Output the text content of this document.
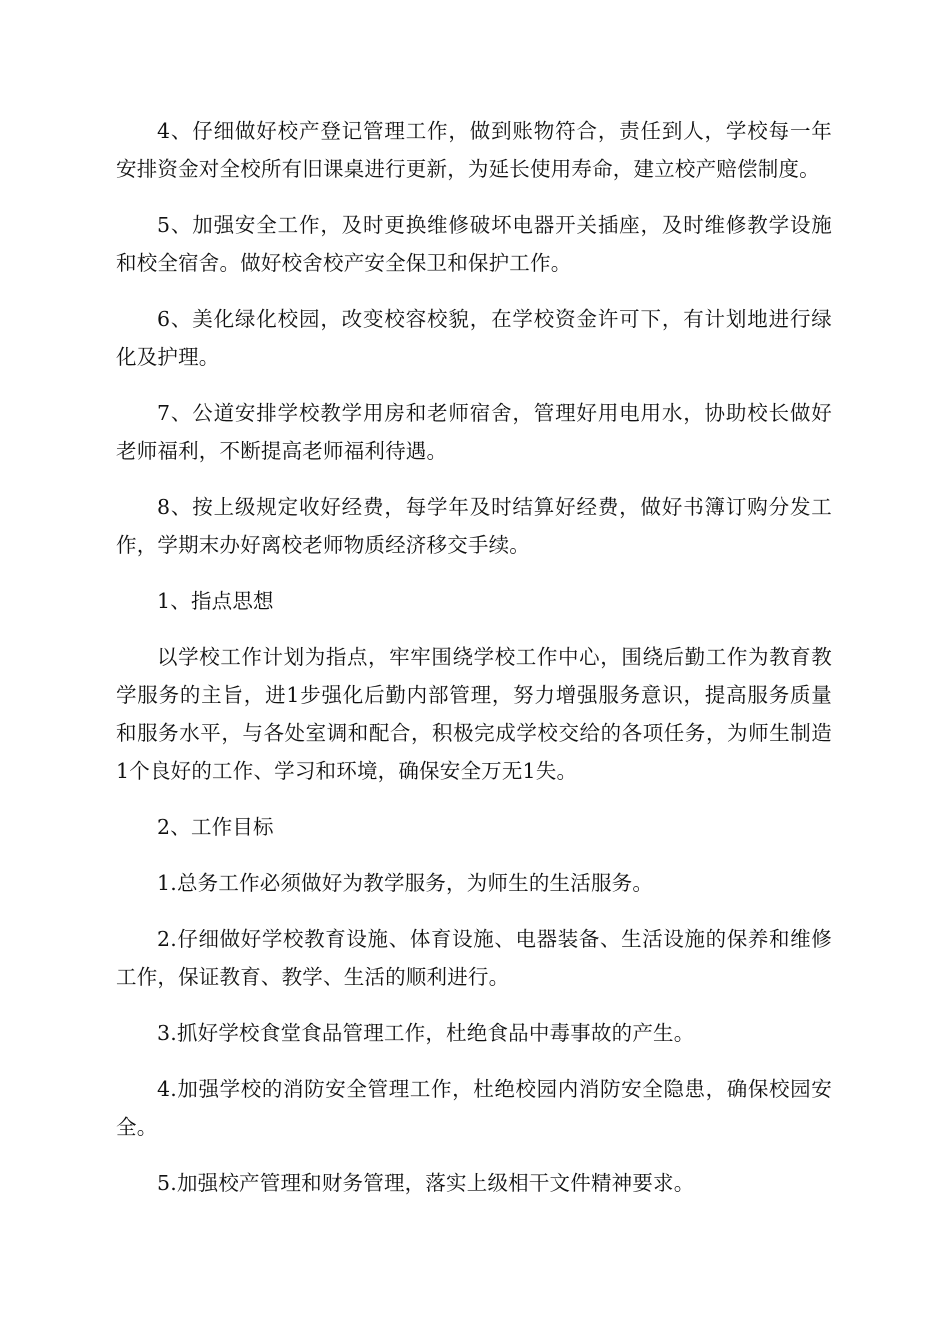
4、仔细做好校产登记管理工作，做到账物符合，责任到人，学校每一年安排资金对全校所有旧课桌进行更新，为延长使用寿命，建立校产赔偿制度。

5、加强安全工作，及时更换维修破坏电器开关插座，及时维修教学设施和校全宿舍。做好校舍校产安全保卫和保护工作。

6、美化绿化校园，改变校容校貌，在学校资金许可下，有计划地进行绿化及护理。

7、公道安排学校教学用房和老师宿舍，管理好用电用水，协助校长做好老师福利，不断提高老师福利待遇。

8、按上级规定收好经费，每学年及时结算好经费，做好书簿订购分发工作，学期末办好离校老师物质经济移交手续。

1、指点思想

以学校工作计划为指点，牢牢围绕学校工作中心，围绕后勤工作为教育教学服务的主旨，进1步强化后勤内部管理，努力增强服务意识，提高服务质量和服务水平，与各处室调和配合，积极完成学校交给的各项任务，为师生制造1个良好的工作、学习和环境，确保安全万无1失。

2、工作目标

1.总务工作必须做好为教学服务，为师生的生活服务。

2.仔细做好学校教育设施、体育设施、电器装备、生活设施的保养和维修工作，保证教育、教学、生活的顺利进行。

3.抓好学校食堂食品管理工作，杜绝食品中毒事故的产生。

4.加强学校的消防安全管理工作，杜绝校园内消防安全隐患，确保校园安全。

5.加强校产管理和财务管理，落实上级相干文件精神要求。
